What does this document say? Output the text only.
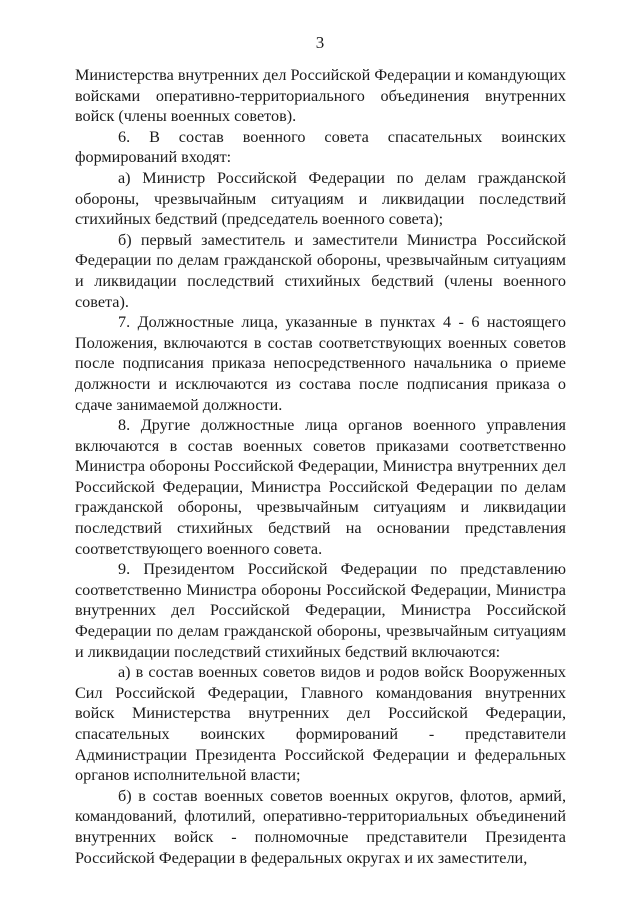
3

Министерства внутренних дел Российской Федерации и командующих войсками оперативно-территориального объединения внутренних войск (члены военных советов).

6. В состав военного совета спасательных воинских формирований входят:

а) Министр Российской Федерации по делам гражданской обороны, чрезвычайным ситуациям и ликвидации последствий стихийных бедствий (председатель военного совета);

б) первый заместитель и заместители Министра Российской Федерации по делам гражданской обороны, чрезвычайным ситуациям и ликвидации последствий стихийных бедствий (члены военного совета).

7. Должностные лица, указанные в пунктах 4 - 6 настоящего Положения, включаются в состав соответствующих военных советов после подписания приказа непосредственного начальника о приеме должности и исключаются из состава после подписания приказа о сдаче занимаемой должности.

8. Другие должностные лица органов военного управления включаются в состав военных советов приказами соответственно Министра обороны Российской Федерации, Министра внутренних дел Российской Федерации, Министра Российской Федерации по делам гражданской обороны, чрезвычайным ситуациям и ликвидации последствий стихийных бедствий на основании представления соответствующего военного совета.

9. Президентом Российской Федерации по представлению соответственно Министра обороны Российской Федерации, Министра внутренних дел Российской Федерации, Министра Российской Федерации по делам гражданской обороны, чрезвычайным ситуациям и ликвидации последствий стихийных бедствий включаются:

а) в состав военных советов видов и родов войск Вооруженных Сил Российской Федерации, Главного командования внутренних войск Министерства внутренних дел Российской Федерации, спасательных воинских формирований - представители Администрации Президента Российской Федерации и федеральных органов исполнительной власти;

б) в состав военных советов военных округов, флотов, армий, командований, флотилий, оперативно-территориальных объединений внутренних войск - полномочные представители Президента Российской Федерации в федеральных округах и их заместители,
